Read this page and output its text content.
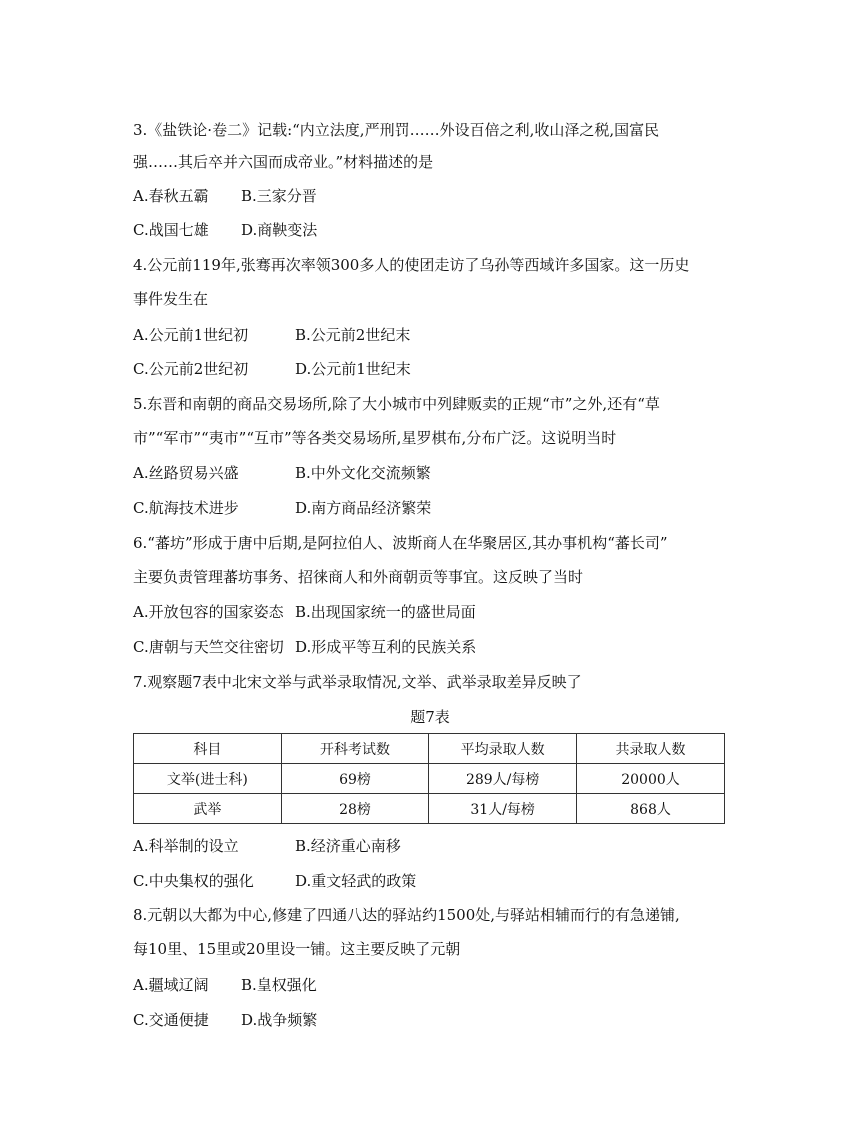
3.《盐铁论·卷二》记载:“内立法度,严刑罚……外设百倍之利,收山泽之税,国富民
强……其后卒并六国而成帝业。”材料描述的是
A.春秋五霸 B.三家分晋
C.战国七雄 D.商鞅变法
4.公元前119年,张骞再次率领300多人的使团走访了乌孙等西域许多国家。这一历史
事件发生在
A.公元前1世纪初	B.公元前2世纪末
C.公元前2世纪初	D.公元前1世纪末
5.东晋和南朝的商品交易场所,除了大小城市中列肆贩卖的正规“市”之外,还有“草
市”“军市”“夷市”“互市”等各类交易场所,星罗棋布,分布广泛。这说明当时
A.丝路贸易兴盛	B.中外文化交流频繁
C.航海技术进步	D.南方商品经济繁荣
6.“蕃坊”形成于唐中后期,是阿拉伯人、波斯商人在华聚居区,其办事机构“蕃长司”
主要负责管理蕃坊事务、招徕商人和外商朝贡等事宜。这反映了当时
A.开放包容的国家姿态 B.出现国家统一的盛世局面
C.唐朝与天竺交往密切 D.形成平等互利的民族关系
7.观察题7表中北宋文举与武举录取情况,文举、武举录取差异反映了
题7表
科目	开科考试数	平均录取人数	共录取人数
文举(进士科)	69榜	289人/每榜	20000人
武举	28榜	31人/每榜	868人
A.科举制的设立	B.经济重心南移
C.中央集权的强化	D.重文轻武的政策
8.元朝以大都为中心,修建了四通八达的驿站约1500处,与驿站相辅而行的有急递铺,
每10里、15里或20里设一铺。这主要反映了元朝
A.疆域辽阔 B.皇权强化
C.交通便捷 D.战争频繁
